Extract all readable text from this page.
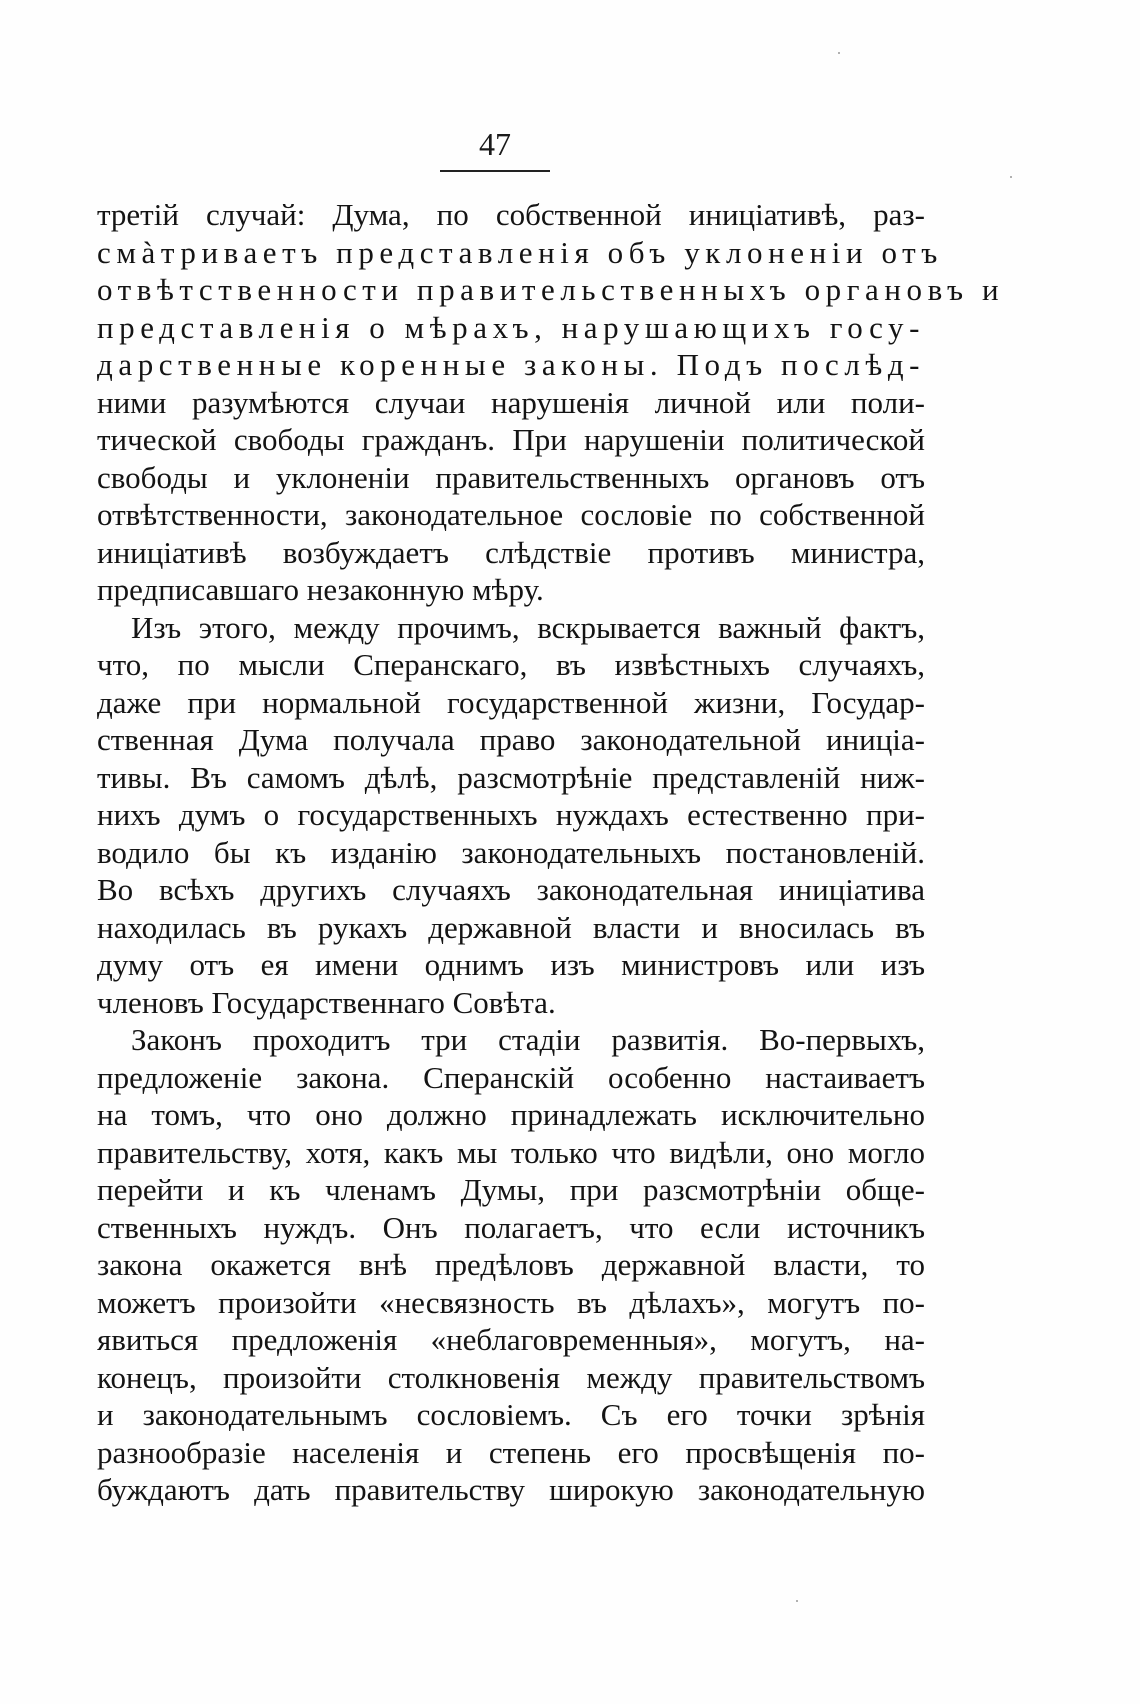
47
третій случай: Дума, по собственной иниціативѣ, раз-
смàтриваетъ представленія объ уклоненіи отъ
отвѣтственности правительственныхъ органовъ и
представленія о мѣрахъ, нарушающихъ госу-
дарственные коренные законы. Подъ послѣд-
ними разумѣются случаи нарушенія личной или поли-
тической свободы гражданъ. При нарушеніи политической
свободы и уклоненіи правительственныхъ органовъ отъ
отвѣтственности, законодательное сословіе по собственной
иниціативѣ возбуждаетъ слѣдствіе противъ министра,
предписавшаго незаконную мѣру.
Изъ этого, между прочимъ, вскрывается важный фактъ,
что, по мысли Сперанскаго, въ извѣстныхъ случаяхъ,
даже при нормальной государственной жизни, Государ-
ственная Дума получала право законодательной иниціа-
тивы. Въ самомъ дѣлѣ, разсмотрѣніе представленій ниж-
нихъ думъ о государственныхъ нуждахъ естественно при-
водило бы къ изданію законодательныхъ постановленій.
Во всѣхъ другихъ случаяхъ законодательная иниціатива
находилась въ рукахъ державной власти и вносилась въ
думу отъ ея имени однимъ изъ министровъ или изъ
членовъ Государственнаго Совѣта.
Законъ проходитъ три стадіи развитія. Во-первыхъ,
предложеніе закона. Сперанскій особенно настаиваетъ
на томъ, что оно должно принадлежать исключительно
правительству, хотя, какъ мы только что видѣли, оно могло
перейти и къ членамъ Думы, при разсмотрѣніи обще-
ственныхъ нуждъ. Онъ полагаетъ, что если источникъ
закона окажется внѣ предѣловъ державной власти, то
можетъ произойти «несвязность въ дѣлахъ», могутъ по-
явиться предложенія «неблаговременныя», могутъ, на-
конецъ, произойти столкновенія между правительствомъ
и законодательнымъ сословіемъ. Съ его точки зрѣнія
разнообразіе населенія и степень его просвѣщенія по-
буждаютъ дать правительству широкую законодательную
